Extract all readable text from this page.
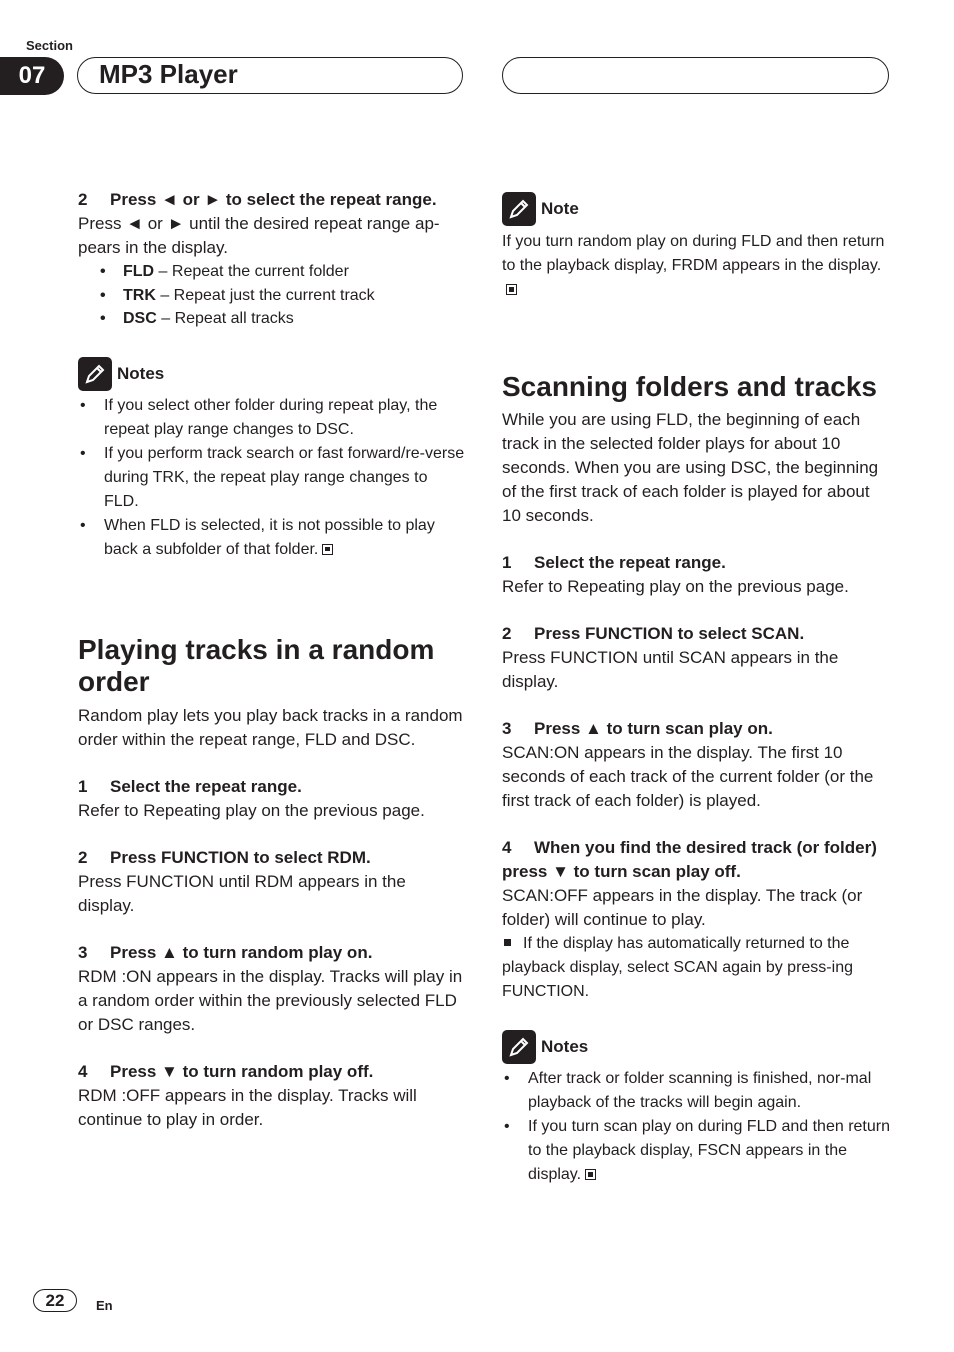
Section
07	MP3 Player

2 Press ◄ or ► to select the repeat range.

Press ◄ or ► until the desired repeat range ap-pears in the display.

• FLD – Repeat the current folder
• TRK – Repeat just the current track
• DSC – Repeat all tracks
Notes
• If you select other folder during repeat play, the repeat play range changes to DSC.
• If you perform track search or fast forward/re-verse during TRK, the repeat play range changes to FLD.
• When FLD is selected, it is not possible to play back a subfolder of that folder.
Playing tracks in a random order

Random play lets you play back tracks in a random order within the repeat range, FLD and DSC.

1 Select the repeat range.

Refer to Repeating play on the previous page.

2 Press FUNCTION to select RDM.

Press FUNCTION until RDM appears in the display.

3 Press ▲ to turn random play on.

RDM :ON appears in the display. Tracks will play in a random order within the previously selected FLD or DSC ranges.

4 Press ▼ to turn random play off.

RDM :OFF appears in the display. Tracks will continue to play in order.

Note

If you turn random play on during FLD and then return to the playback display, FRDM appears in the display.

Scanning folders and tracks

While you are using FLD, the beginning of each track in the selected folder plays for about 10 seconds. When you are using DSC, the beginning of the first track of each folder is played for about 10 seconds.

1 Select the repeat range.

Refer to Repeating play on the previous page.

2 Press FUNCTION to select SCAN.

Press FUNCTION until SCAN appears in the display.

3 Press ▲ to turn scan play on.

SCAN:ON appears in the display. The first 10 seconds of each track of the current folder (or the first track of each folder) is played.

4 When you find the desired track (or folder) press ▼ to turn scan play off.

SCAN:OFF appears in the display. The track (or folder) will continue to play.

If the display has automatically returned to the playback display, select SCAN again by press-ing FUNCTION.

Notes
• After track or folder scanning is finished, nor-mal playback of the tracks will begin again.
• If you turn scan play on during FLD and then return to the playback display, FSCN appears in the display.
22	En
